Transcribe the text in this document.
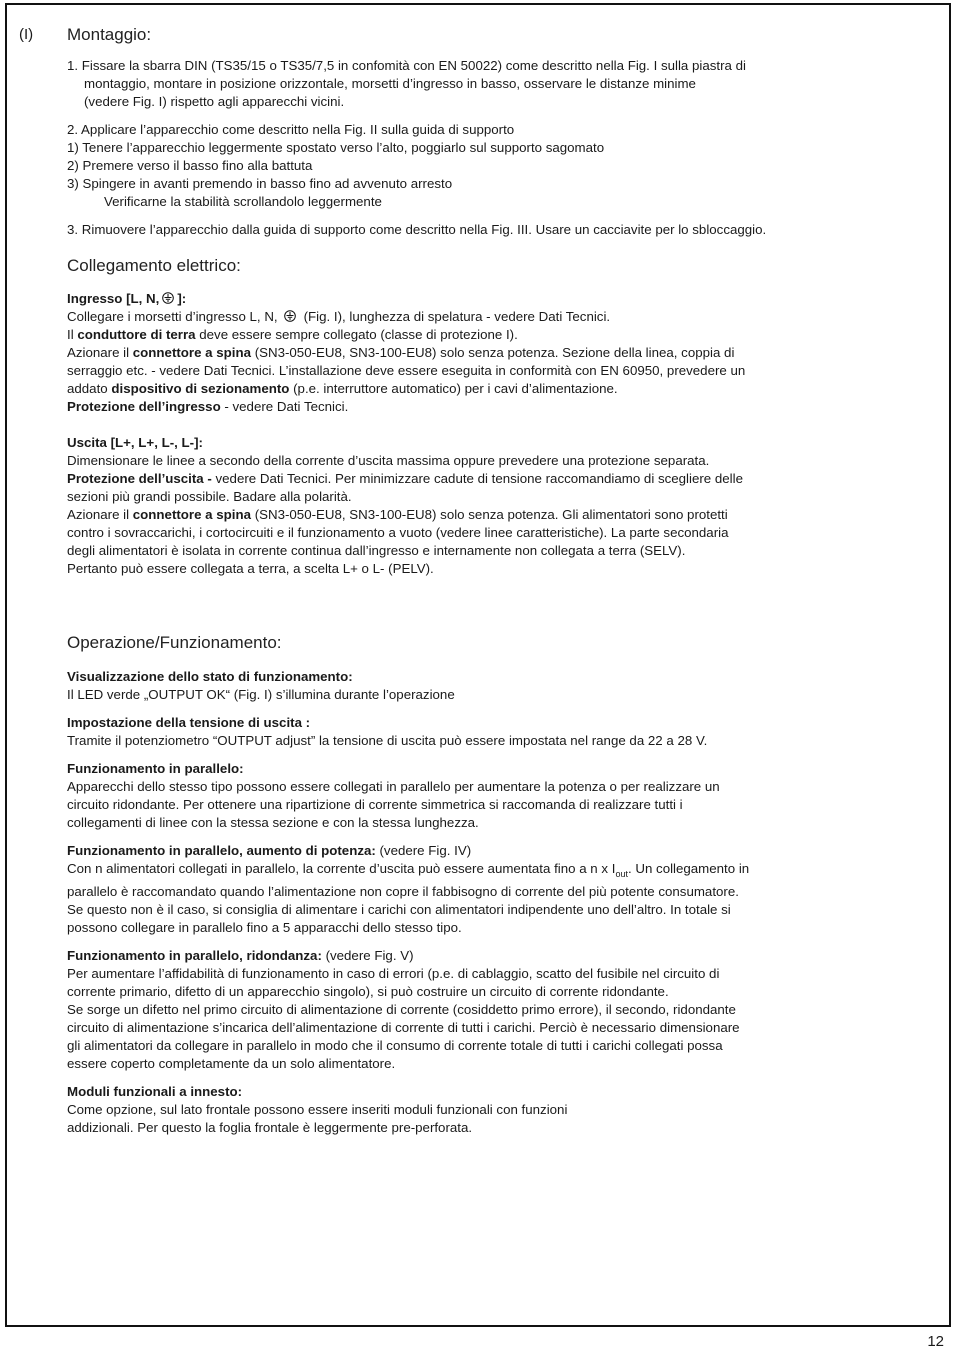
(I) Montaggio:

1. Fissare la sbarra DIN (TS35/15 o TS35/7,5 in confomità con EN 50022) come descritto nella Fig. I sulla piastra di

montaggio, montare in posizione orizzontale, morsetti d’ingresso in basso, osservare le distanze minime

(vedere Fig. I) rispetto agli apparecchi vicini.

2. Applicare l’apparecchio come descritto nella Fig. II sulla guida di supporto

1) Tenere l’apparecchio leggermente spostato verso l’alto, poggiarlo sul supporto sagomato

2) Premere verso il basso fino alla battuta

3) Spingere in avanti premendo in basso fino ad avvenuto arresto

Verificarne la stabilità scrollandolo leggermente

3. Rimuovere l’apparecchio dalla guida di supporto come descritto nella Fig. III. Usare un cacciavite per lo sbloccaggio.

Collegamento elettrico:

Ingresso [L, N, ]:

Collegare i morsetti d’ingresso L, N, (Fig. I), lunghezza di spelatura - vedere Dati Tecnici.

Il conduttore di terra deve essere sempre collegato (classe di protezione I).

Azionare il connettore a spina (SN3-050-EU8, SN3-100-EU8) solo senza potenza. Sezione della linea, coppia di

serraggio etc. - vedere Dati Tecnici. L’installazione deve essere eseguita in conformità con EN 60950, prevedere un

addato dispositivo di sezionamento (p.e. interruttore automatico) per i cavi d’alimentazione.

Protezione dell’ingresso - vedere Dati Tecnici.

Uscita [L+, L+, L-, L-]:

Dimensionare le linee a secondo della corrente d’uscita massima oppure prevedere una protezione separata.

Protezione dell’uscita - vedere Dati Tecnici. Per minimizzare cadute di tensione raccomandiamo di scegliere delle

sezioni più grandi possibile. Badare alla polarità.

Azionare il connettore a spina (SN3-050-EU8, SN3-100-EU8) solo senza potenza. Gli alimentatori sono protetti

contro i sovraccarichi, i cortocircuiti e il funzionamento a vuoto (vedere linee caratteristiche). La parte secondaria

degli alimentatori è isolata in corrente continua dall’ingresso e internamente non collegata a terra (SELV).

Pertanto può essere collegata a terra, a scelta L+ o L- (PELV).

Operazione/Funzionamento:

Visualizzazione dello stato di funzionamento:

Il LED verde „OUTPUT OK“ (Fig. I) s’illumina durante l’operazione

Impostazione della tensione di uscita :

Tramite il potenziometro “OUTPUT adjust” la tensione di uscita può essere impostata nel range da 22 a 28 V.

Funzionamento in parallelo:

Apparecchi dello stesso tipo possono essere collegati in parallelo per aumentare la potenza o per realizzare un

circuito ridondante. Per ottenere una ripartizione di corrente simmetrica si raccomanda di realizzare tutti i

collegamenti di linee con la stessa sezione e con la stessa lunghezza.

Funzionamento in parallelo, aumento di potenza: (vedere Fig. IV)

Con n alimentatori collegati in parallelo, la corrente d’uscita può essere aumentata fino a n x $I_{out}$. Un collegamento in

parallelo è raccomandato quando l’alimentazione non copre il fabbisogno di corrente del più potente consumatore.

Se questo non è il caso, si consiglia di alimentare i carichi con alimentatori indipendente uno dell’altro. In totale si

possono collegare in parallelo fino a 5 apparacchi dello stesso tipo.

Funzionamento in parallelo, ridondanza: (vedere Fig. V)

Per aumentare l’affidabilità di funzionamento in caso di errori (p.e. di cablaggio, scatto del fusibile nel circuito di

corrente primario, difetto di un apparecchio singolo), si può costruire un circuito di corrente ridondante.

Se sorge un difetto nel primo circuito di alimentazione di corrente (cosiddetto primo errore), il secondo, ridondante

circuito di alimentazione s’incarica dell’alimentazione di corrente di tutti i carichi. Perciò è necessario dimensionare

gli alimentatori da collegare in parallelo in modo che il consumo di corrente totale di tutti i carichi collegati possa

essere coperto completamente da un solo alimentatore.

Moduli funzionali a innesto:

Come opzione, sul lato frontale possono essere inseriti moduli funzionali con funzioni

addizionali. Per questo la foglia frontale è leggermente pre-perforata.

12
